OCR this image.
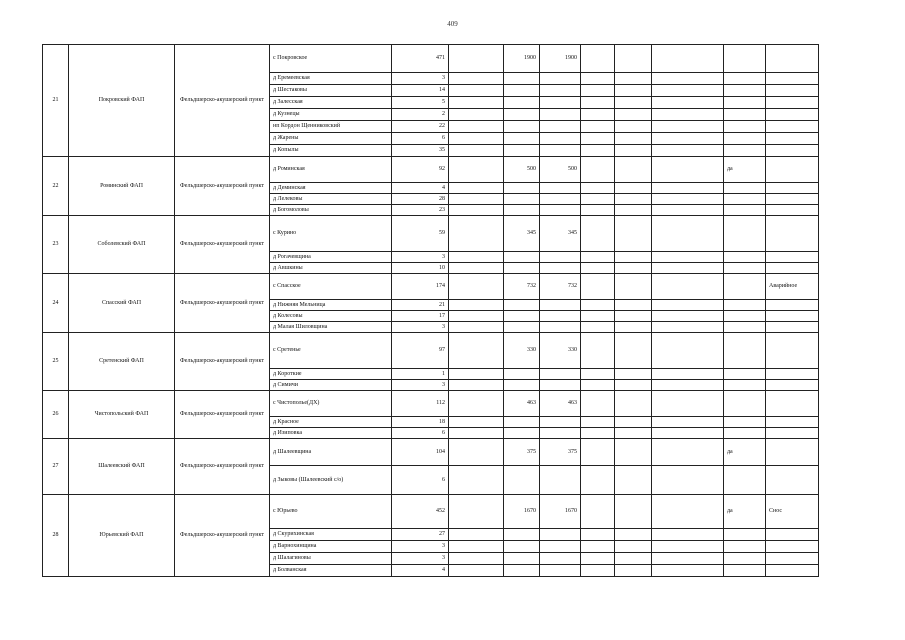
409
21	Покровский ФАП	Фельдшерско-акушерский пункт	с Покровское	471		1900	1900					
			д Еремеевская	3								
			д Шестаковы	14								
			д Залесская	5								
			д Кузнецы	2								
			нп Кордон Щенниковский	22								
			д Жарены	6								
			д Копылы	35								
22	Роминский ФАП	Фельдшерско-акушерский пункт	д Роминская	92		500	500				да	
			д Деминская	4								
			д Лелековы	28								
			д Богомоловы	23								
23	Соболевский ФАП	Фельдшерско-акушерский пункт	с Курино	59		345	345					
			д Рогачевщина	3								
			д Авшкины	10								
24	Спасский ФАП	Фельдшерско-акушерский пункт	с Спасское	174		732	732					Аварийное
			д Нижняя Мельница	21								
			д Колесовы	17								
			д Малая Шиловщина	3								
25	Сретенский ФАП	Фельдшерско-акушерский пункт	с Сретенье	97		330	330					
			д Короткие	1								
			д Симичи	3								
26	Чистопольский ФАП	Фельдшерско-акушерский пункт	с Чистополье(ДХ)	112		463	463					
			д Красное	18								
			д Изиповка	6								
27	Шалеевский ФАП	Фельдшерско-акушерский пункт	д Шалеевщина	104		375	375				да	
			д Зыковы (Шалеевский с/о)	6								
28	Юрьевский ФАП	Фельдшерско-акушерский пункт	с Юрьево	452		1670	1670				да	Снос
			д Скурихинская	27								
			д Варнохинщина	3								
			д Шалагиновы	3								
			д Болванская	4								
